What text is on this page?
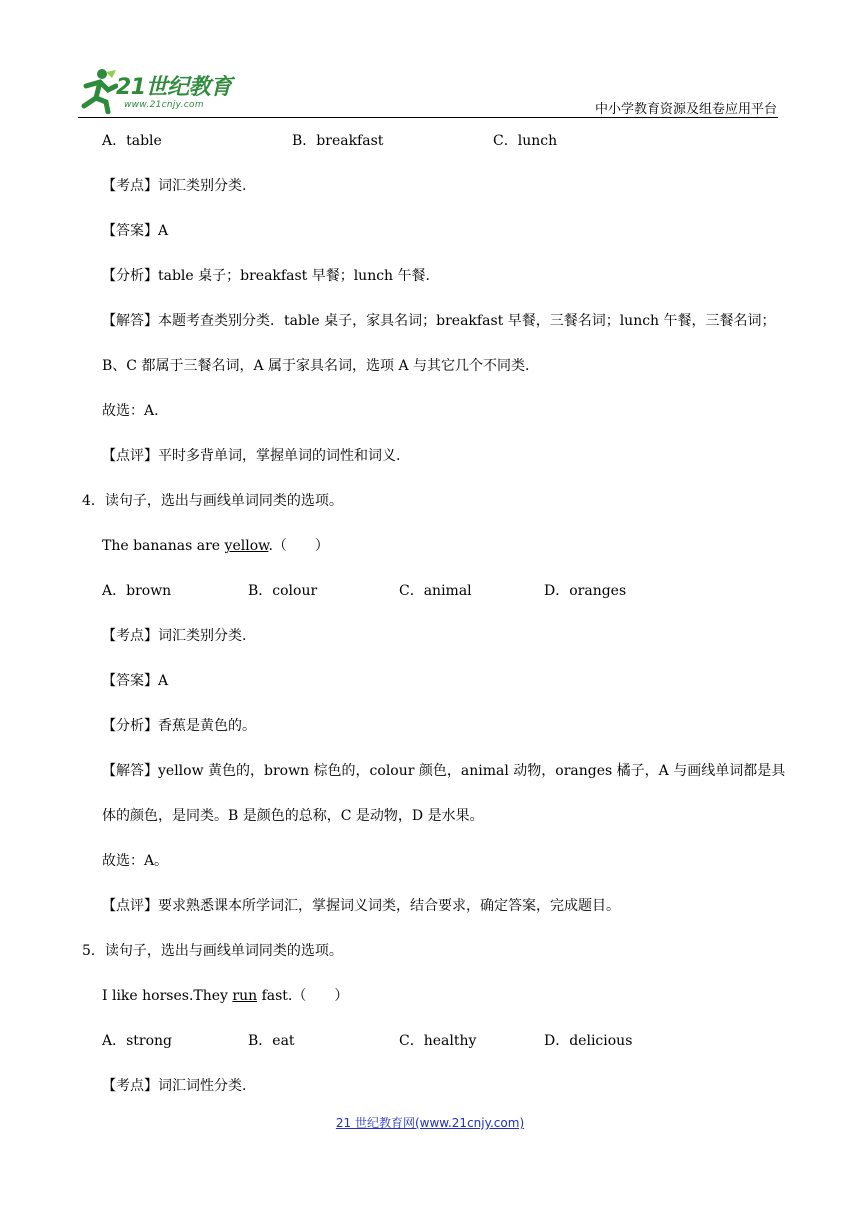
21世纪教育
www.21cnjy.com	中小学教育资源及组卷应用平台
A．table	B．breakfast	C．lunch
【考点】词汇类别分类.
【答案】A
【分析】table 桌子；breakfast 早餐；lunch 午餐.
【解答】本题考查类别分类．table 桌子，家具名词；breakfast 早餐，三餐名词；lunch 午餐，三餐名词；
B、C 都属于三餐名词，A 属于家具名词，选项 A 与其它几个不同类.
故选：A.
【点评】平时多背单词，掌握单词的词性和词义.
4．读句子，选出与画线单词同类的选项。
The bananas are yellow.（　　）
A．brown	B．colour	C．animal	D．oranges
【考点】词汇类别分类.
【答案】A
【分析】香蕉是黄色的。
【解答】yellow 黄色的，brown 棕色的，colour 颜色，animal 动物，oranges 橘子，A 与画线单词都是具
体的颜色，是同类。B 是颜色的总称，C 是动物，D 是水果。
故选：A。
【点评】要求熟悉课本所学词汇，掌握词义词类，结合要求，确定答案，完成题目。
5．读句子，选出与画线单词同类的选项。
I like horses.They run fast.（　　）
A．strong	B．eat	C．healthy	D．delicious
【考点】词汇词性分类.
21 世纪教育网(www.21cnjy.com)
